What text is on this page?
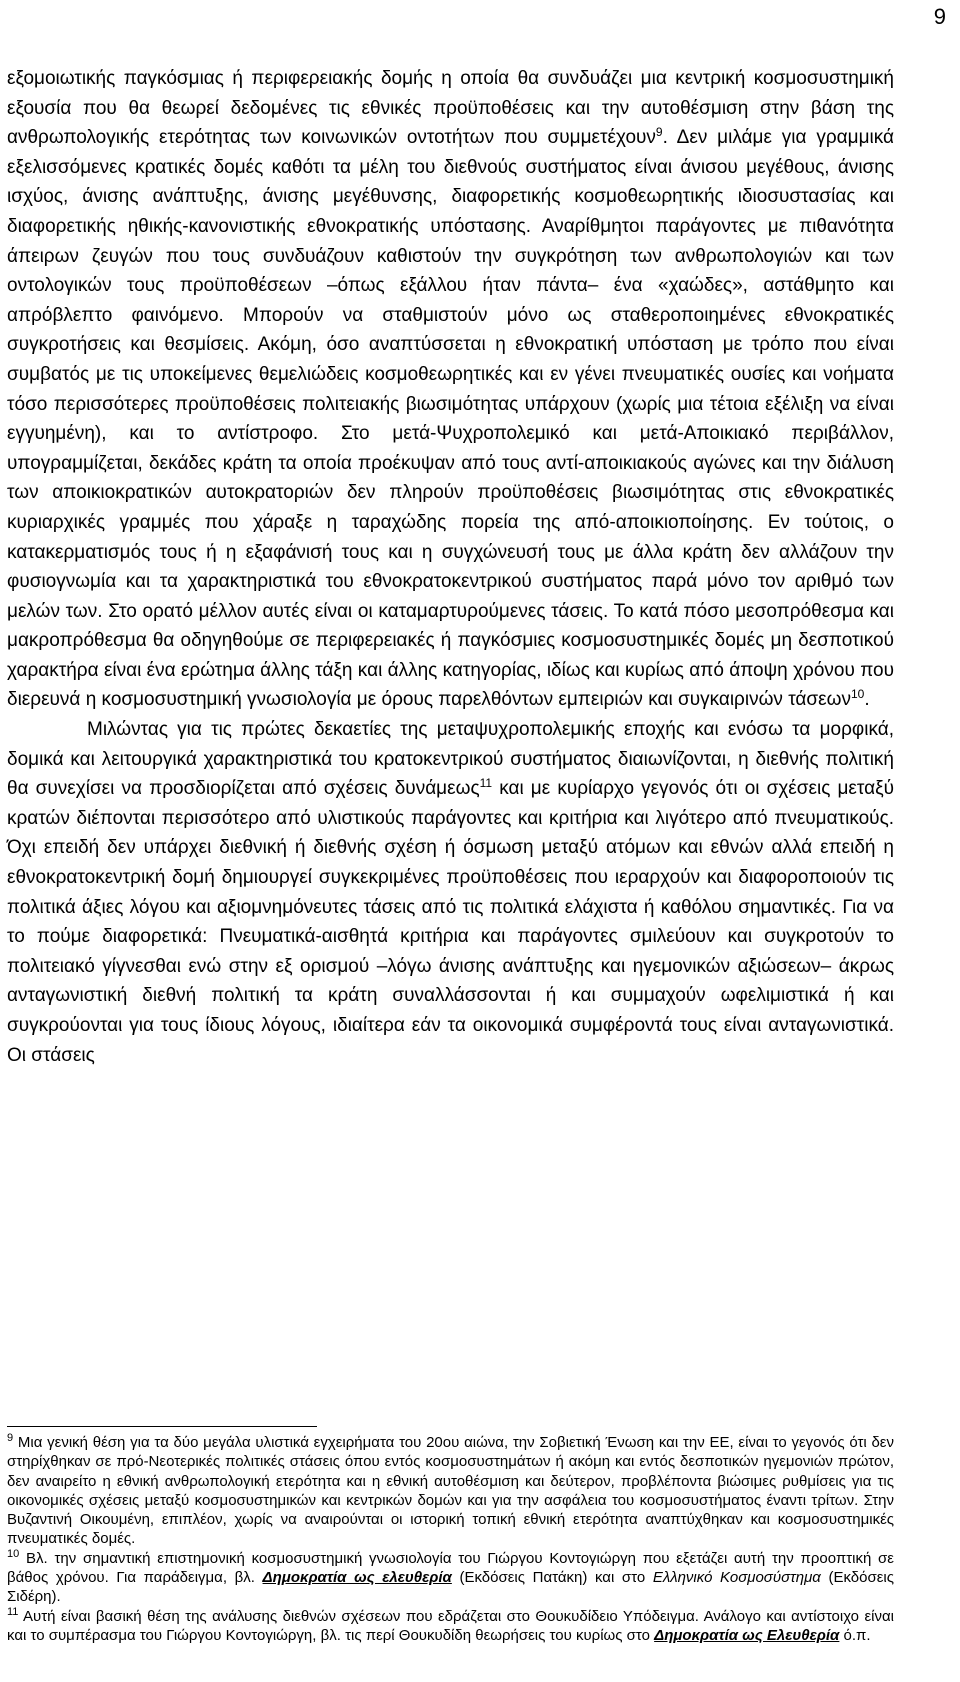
9

εξομοιωτικής παγκόσμιας ή περιφερειακής δομής η οποία θα συνδυάζει μια κεντρική κοσμοσυστημική εξουσία που θα θεωρεί δεδομένες τις εθνικές προϋποθέσεις και την αυτοθέσμιση στην βάση της ανθρωπολογικής ετερότητας των κοινωνικών οντοτήτων που συμμετέχουν$^9$. Δεν μιλάμε για γραμμικά εξελισσόμενες κρατικές δομές καθότι τα μέλη του διεθνούς συστήματος είναι άνισου μεγέθους, άνισης ισχύος, άνισης ανάπτυξης, άνισης μεγέθυνσης, διαφορετικής κοσμοθεωρητικής ιδιοσυστασίας και διαφορετικής ηθικής-κανονιστικής εθνοκρατικής υπόστασης. Αναρίθμητοι παράγοντες με πιθανότητα άπειρων ζευγών που τους συνδυάζουν καθιστούν την συγκρότηση των ανθρωπολογιών και των οντολογικών τους προϋποθέσεων –όπως εξάλλου ήταν πάντα– ένα «χαώδες», αστάθμητο και απρόβλεπτο φαινόμενο. Μπορούν να σταθμιστούν μόνο ως σταθεροποιημένες εθνοκρατικές συγκροτήσεις και θεσμίσεις. Ακόμη, όσο αναπτύσσεται η εθνοκρατική υπόσταση με τρόπο που είναι συμβατός με τις υποκείμενες θεμελιώδεις κοσμοθεωρητικές και εν γένει πνευματικές ουσίες και νοήματα τόσο περισσότερες προϋποθέσεις πολιτειακής βιωσιμότητας υπάρχουν (χωρίς μια τέτοια εξέλιξη να είναι εγγυημένη), και το αντίστροφο. Στο μετά-Ψυχροπολεμικό και μετά-Αποικιακό περιβάλλον, υπογραμμίζεται, δεκάδες κράτη τα οποία προέκυψαν από τους αντί-αποικιακούς αγώνες και την διάλυση των αποικιοκρατικών αυτοκρατοριών δεν πληρούν προϋποθέσεις βιωσιμότητας στις εθνοκρατικές κυριαρχικές γραμμές που χάραξε η ταραχώδης πορεία της από-αποικιοποίησης. Εν τούτοις, ο κατακερματισμός τους ή η εξαφάνισή τους και η συγχώνευσή τους με άλλα κράτη δεν αλλάζουν την φυσιογνωμία και τα χαρακτηριστικά του εθνοκρατοκεντρικού συστήματος παρά μόνο τον αριθμό των μελών των. Στο ορατό μέλλον αυτές είναι οι καταμαρτυρούμενες τάσεις. Το κατά πόσο μεσοπρόθεσμα και μακροπρόθεσμα θα οδηγηθούμε σε περιφερειακές ή παγκόσμιες κοσμοσυστημικές δομές μη δεσποτικού χαρακτήρα είναι ένα ερώτημα άλλης τάξη και άλλης κατηγορίας, ιδίως και κυρίως από άποψη χρόνου που διερευνά η κοσμοσυστημική γνωσιολογία με όρους παρελθόντων εμπειριών και συγκαιρινών τάσεων$^{10}$.
Μιλώντας για τις πρώτες δεκαετίες της μεταψυχροπολεμικής εποχής και ενόσω τα μορφικά, δομικά και λειτουργικά χαρακτηριστικά του κρατοκεντρικού συστήματος διαιωνίζονται, η διεθνής πολιτική θα συνεχίσει να προσδιορίζεται από σχέσεις δυνάμεως$^{11}$ και με κυρίαρχο γεγονός ότι οι σχέσεις μεταξύ κρατών διέπονται περισσότερο από υλιστικούς παράγοντες και κριτήρια και λιγότερο από πνευματικούς. Όχι επειδή δεν υπάρχει διεθνική ή διεθνής σχέση ή όσμωση μεταξύ ατόμων και εθνών αλλά επειδή η εθνοκρατοκεντρική δομή δημιουργεί συγκεκριμένες προϋποθέσεις που ιεραρχούν και διαφοροποιούν τις πολιτικά άξιες λόγου και αξιομνημόνευτες τάσεις από τις πολιτικά ελάχιστα ή καθόλου σημαντικές. Για να το πούμε διαφορετικά: Πνευματικά-αισθητά κριτήρια και παράγοντες σμιλεύουν και συγκροτούν το πολιτειακό γίγνεσθαι ενώ στην εξ ορισμού –λόγω άνισης ανάπτυξης και ηγεμονικών αξιώσεων– άκρως ανταγωνιστική διεθνή πολιτική τα κράτη συναλλάσσονται ή και συμμαχούν ωφελιμιστικά ή και συγκρούονται για τους ίδιους λόγους, ιδιαίτερα εάν τα οικονομικά συμφέροντά τους είναι ανταγωνιστικά. Οι στάσεις

$^9$ Μια γενική θέση για τα δύο μεγάλα υλιστικά εγχειρήματα του 20ου αιώνα, την Σοβιετική Ένωση και την ΕΕ, είναι το γεγονός ότι δεν στηρίχθηκαν σε πρό-Νεοτερικές πολιτικές στάσεις όπου εντός κοσμοσυστημάτων ή ακόμη και εντός δεσποτικών ηγεμονιών πρώτον, δεν αναιρείτο η εθνική ανθρωπολογική ετερότητα και η εθνική αυτοθέσμιση και δεύτερον, προβλέποντα βιώσιμες ρυθμίσεις για τις οικονομικές σχέσεις μεταξύ κοσμοσυστημικών και κεντρικών δομών και για την ασφάλεια του κοσμοσυστήματος έναντι τρίτων. Στην Βυζαντινή Οικουμένη, επιπλέον, χωρίς να αναιρούνται οι ιστορική τοπική εθνική ετερότητα αναπτύχθηκαν και κοσμοσυστημικές πνευματικές δομές.

$^{10}$ Βλ. την σημαντική επιστημονική κοσμοσυστημική γνωσιολογία του Γιώργου Κοντογιώργη που εξετάζει αυτή την προοπτική σε βάθος χρόνου. Για παράδειγμα, βλ. Δημοκρατία ως ελευθερία (Εκδόσεις Πατάκη) και στο Ελληνικό Κοσμοσύστημα (Εκδόσεις Σιδέρη).

$^{11}$ Αυτή είναι βασική θέση της ανάλυσης διεθνών σχέσεων που εδράζεται στο Θουκυδίδειο Υπόδειγμα. Ανάλογο και αντίστοιχο είναι και το συμπέρασμα του Γιώργου Κοντογιώργη, βλ. τις περί Θουκυδίδη θεωρήσεις του κυρίως στο Δημοκρατία ως Ελευθερία ό.π.
